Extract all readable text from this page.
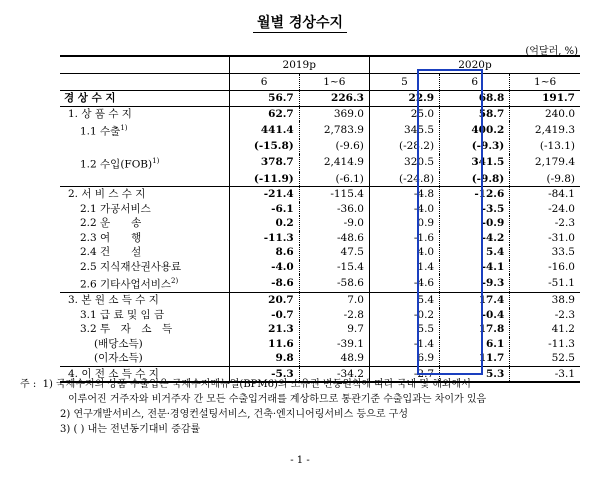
월별 경상수지
(억달러, %)
	2019p		2020p		
	6	1~6	5	6	1~6
경 상 수 지	56.7	226.3	22.9	68.8	191.7
1. 상 품 수 지	62.7	369.0	25.0	58.7	240.0
1.1 수출$^{1)}$	441.4	2,783.9	345.5	400.2	2,419.3
	(-15.8)	(-9.6)	(-28.2)	(-9.3)	(-13.1)
1.2 수입(FOB)$^{1)}$	378.7	2,414.9	320.5	341.5	2,179.4
	(-11.9)	(-6.1)	(-24.8)	(-9.8)	(-9.8)
2. 서 비 스 수 지	-21.4	-115.4	-4.8	-12.6	-84.1
2.1 가공서비스	-6.1	-36.0	-4.0	-3.5	-24.0
2.2 운　　송	0.2	-9.0	0.9	-0.9	-2.3
2.3 여　　행	-11.3	-48.6	-1.6	-4.2	-31.0
2.4 건　　설	8.6	47.5	4.0	5.4	33.5
2.5 지식재산권사용료	-4.0	-15.4	1.4	-4.1	-16.0
2.6 기타사업서비스$^{2)}$	-8.6	-58.6	-4.6	-9.3	-51.1
3. 본 원 소 득 수 지	20.7	7.0	5.4	17.4	38.9
3.1 급 료 및 임 금	-0.7	-2.8	-0.2	-0.4	-2.3
3.2 투　자　소　득	21.3	9.7	5.5	17.8	41.2
(배당소득)	11.6	-39.1	-1.4	6.1	-11.3
(이자소득)	9.8	48.9	6.9	11.7	52.5
4. 이 전 소 득 수 지	-5.3	-34.2	-2.7	5.3	-3.1
주 : 1) 국제수지의 상품 수출입은 국제수지매뉴얼(BPM6)의 소유권 변동원칙에 따라 국내 및 해외에서
이루어진 거주자와 비거주자 간 모든 수출입거래를 계상하므로 통관기준 수출입과는 차이가 있음
2) 연구개발서비스, 전문·경영컨설팅서비스, 건축·엔지니어링서비스 등으로 구성
3) ( ) 내는 전년동기대비 증감률
- 1 -
